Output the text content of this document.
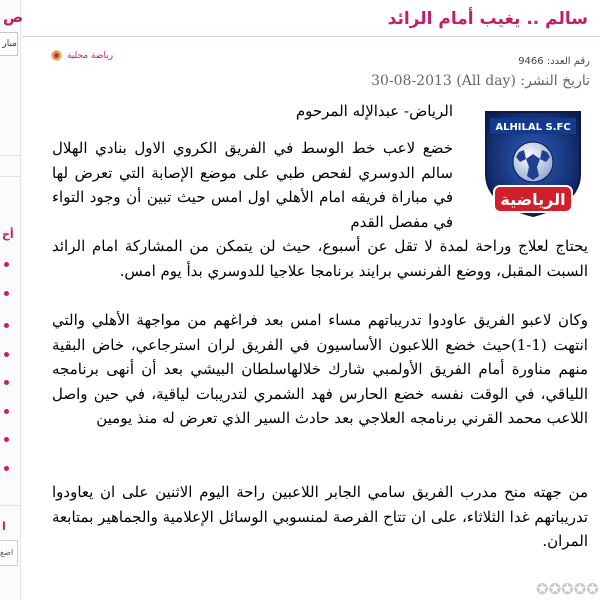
ص
مبار
أخ
ا
اضغ
سالم .. يغيب أمام الرائد
رياضة محلية
رقم العدد: 9466
تاريخ النشر: 30-08-2013 (All day)
ALHILAL S.FC
الرياضية
الرياض- عبدالإله المرحوم
خضع لاعب خط الوسط في الفريق الكروي الاول بنادي الهلال سالم الدوسري لفحص طبي على موضع الإصابة التي تعرض لها في مباراة فريقه امام الأهلي اول امس حيث تبين أن وجود التواء في مفصل القدم
يحتاج لعلاج وراحة لمدة لا تقل عن أسبوع، حيث لن يتمكن من المشاركة امام الرائد السبت المقبل، ووضع الفرنسي برايند برنامجا علاجيا للدوسري بدأ يوم امس.
وكان لاعبو الفريق عاودوا تدريباتهم مساء امس بعد فراغهم من مواجهة الأهلي والتي انتهت (1-1)حيث خضع اللاعبون الأساسيون في الفريق لران استرجاعي، خاض البقية منهم مناورة أمام الفريق الأولمبي شارك خلالهاسلطان البيشي بعد أن أنهى برنامجه اللياقي، في الوقت نفسه خضع الحارس فهد الشمري لتدريبات لياقية، في حين واصل اللاعب محمد القرني برنامجه العلاجي بعد حادث السير الذي تعرض له منذ يومين
من جهته منح مدرب الفريق سامي الجابر اللاعبين راحة اليوم الاثنين على ان يعاودوا تدريباتهم غدا الثلاثاء، على ان تتاح الفرصة لمنسوبي الوسائل الإعلامية والجماهير بمتابعة المران.
✪✪✪✪✪
